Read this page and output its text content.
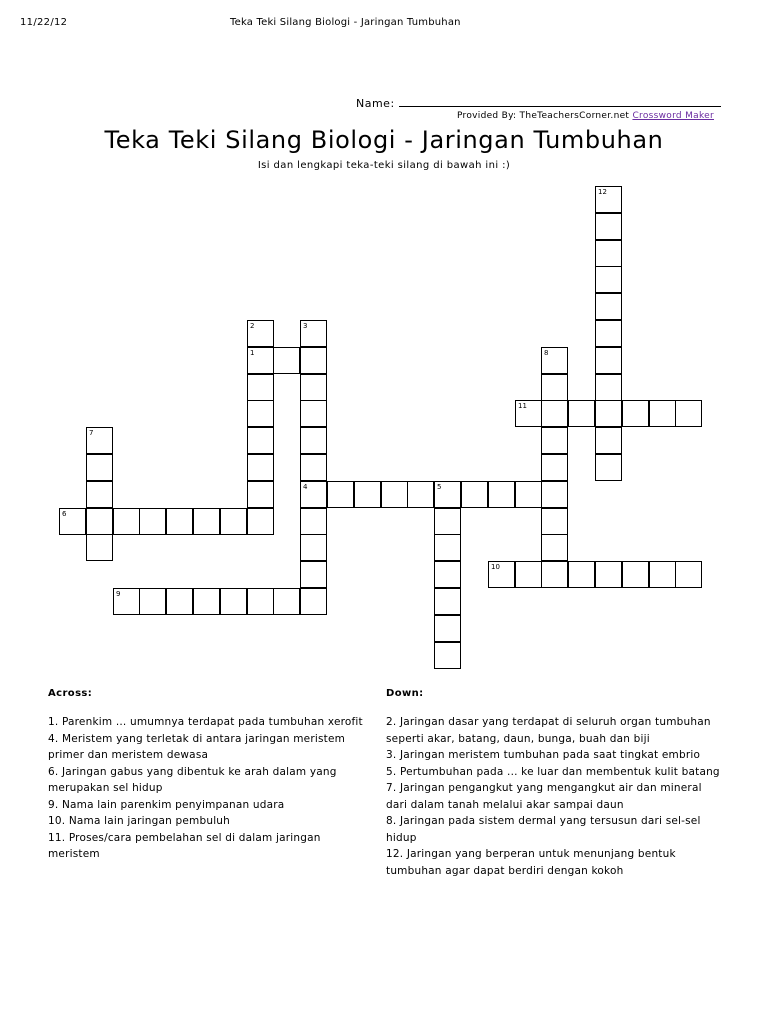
11/22/12	Teka Teki Silang Biologi - Jaringan Tumbuhan
Name:
Provided By: TheTeachersCorner.net Crossword Maker
Teka Teki Silang Biologi - Jaringan Tumbuhan
Isi dan lengkapi teka-teki silang di bawah ini :)
1
2	3
4	5
6
7
8
9
10
11
12
Across:	Down:
1. Parenkim ... umumnya terdapat pada tumbuhan xerofit
4. Meristem yang terletak di antara jaringan meristem primer dan meristem dewasa
6. Jaringan gabus yang dibentuk ke arah dalam yang merupakan sel hidup
9. Nama lain parenkim penyimpanan udara
10. Nama lain jaringan pembuluh
11. Proses/cara pembelahan sel di dalam jaringan meristem
2. Jaringan dasar yang terdapat di seluruh organ tumbuhan seperti akar, batang, daun, bunga, buah dan biji
3. Jaringan meristem tumbuhan pada saat tingkat embrio
5. Pertumbuhan pada ... ke luar dan membentuk kulit batang
7. Jaringan pengangkut yang mengangkut air dan mineral dari dalam tanah melalui akar sampai daun
8. Jaringan pada sistem dermal yang tersusun dari sel-sel hidup
12. Jaringan yang berperan untuk menunjang bentuk tumbuhan agar dapat berdiri dengan kokoh
